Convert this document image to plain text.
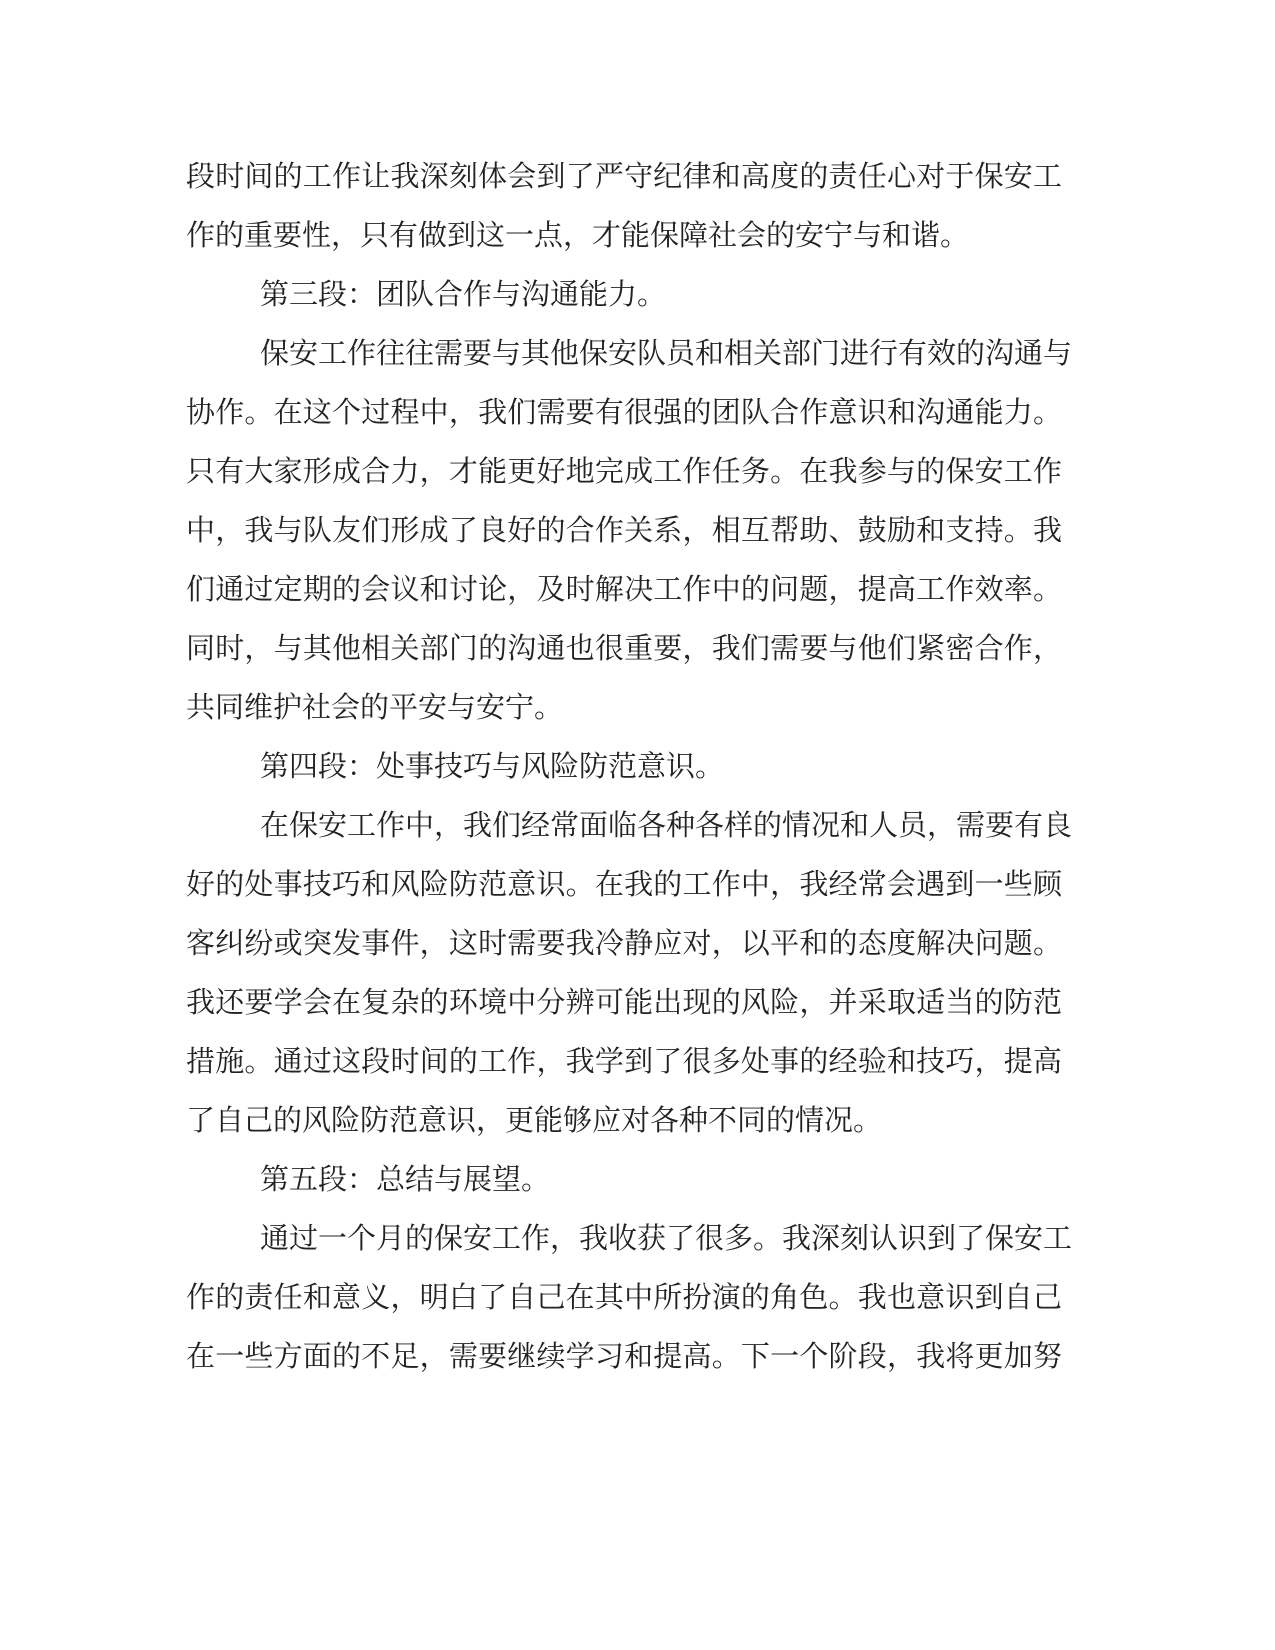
段时间的工作让我深刻体会到了严守纪律和高度的责任心对于保安工
作的重要性，只有做到这一点，才能保障社会的安宁与和谐。
第三段：团队合作与沟通能力。
保安工作往往需要与其他保安队员和相关部门进行有效的沟通与
协作。在这个过程中，我们需要有很强的团队合作意识和沟通能力。
只有大家形成合力，才能更好地完成工作任务。在我参与的保安工作
中，我与队友们形成了良好的合作关系，相互帮助、鼓励和支持。我
们通过定期的会议和讨论，及时解决工作中的问题，提高工作效率。
同时，与其他相关部门的沟通也很重要，我们需要与他们紧密合作，
共同维护社会的平安与安宁。
第四段：处事技巧与风险防范意识。
在保安工作中，我们经常面临各种各样的情况和人员，需要有良
好的处事技巧和风险防范意识。在我的工作中，我经常会遇到一些顾
客纠纷或突发事件，这时需要我冷静应对，以平和的态度解决问题。
我还要学会在复杂的环境中分辨可能出现的风险，并采取适当的防范
措施。通过这段时间的工作，我学到了很多处事的经验和技巧，提高
了自己的风险防范意识，更能够应对各种不同的情况。
第五段：总结与展望。
通过一个月的保安工作，我收获了很多。我深刻认识到了保安工
作的责任和意义，明白了自己在其中所扮演的角色。我也意识到自己
在一些方面的不足，需要继续学习和提高。下一个阶段，我将更加努
